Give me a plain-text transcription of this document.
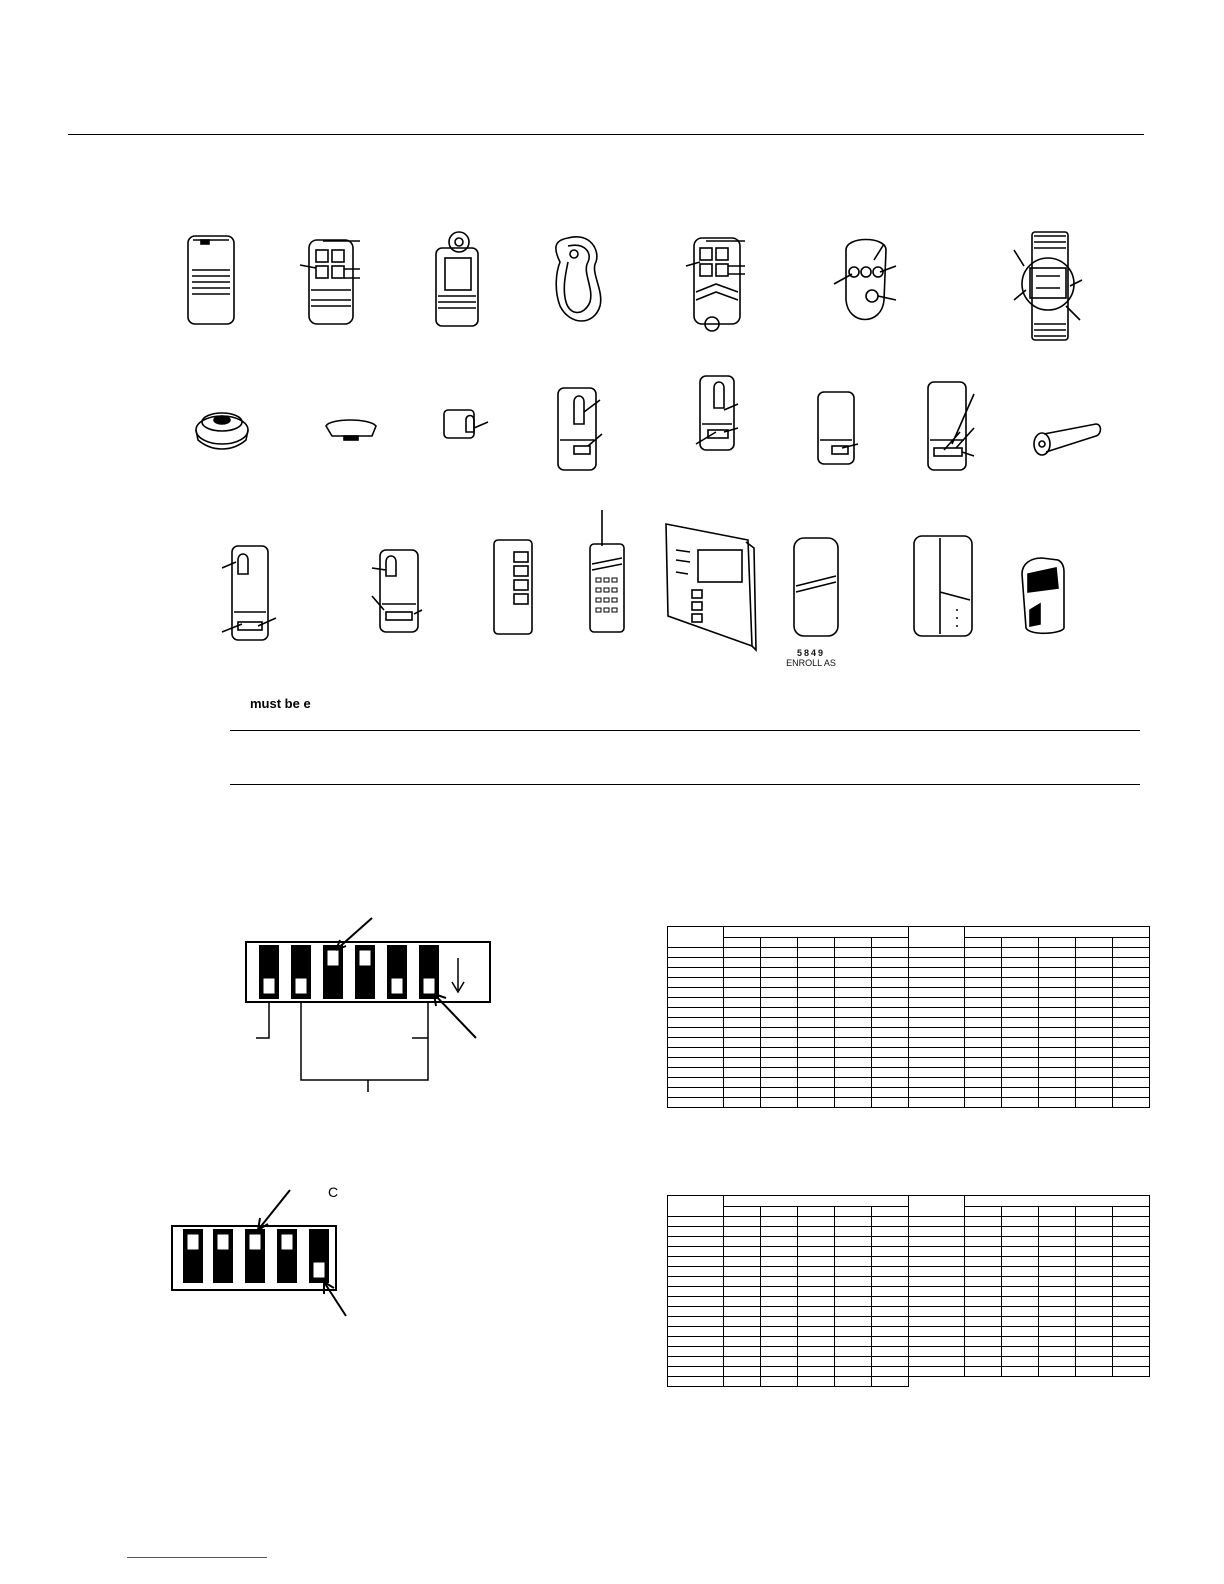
5849
ENROLL AS
must be e
C
